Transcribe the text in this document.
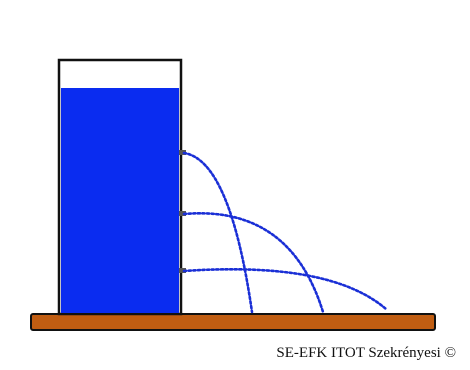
SE-EFK ITOT Szekrényesi ©
